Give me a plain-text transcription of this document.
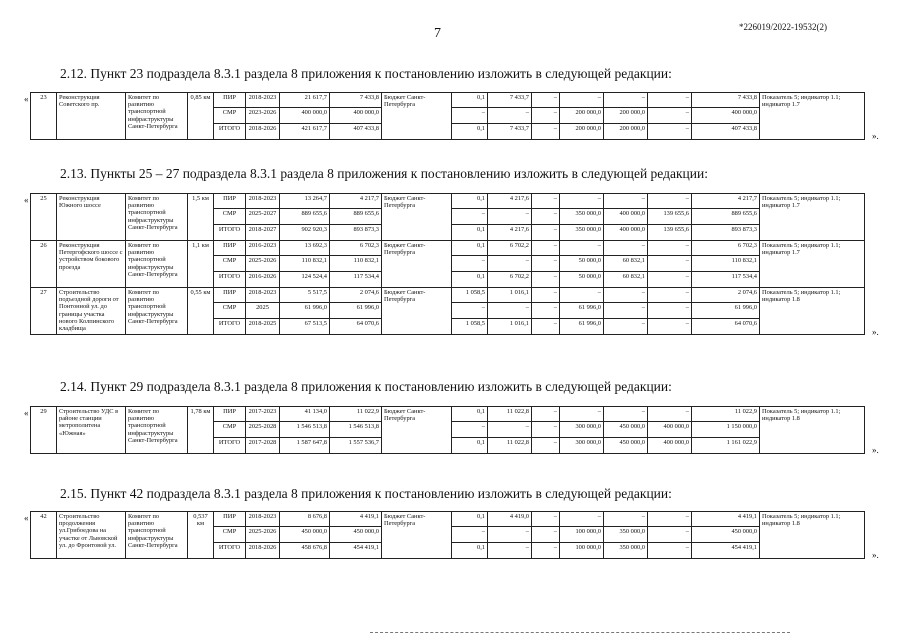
7	*226019/2022-19532(2)
2.12. Пункт 23 подраздела 8.3.1 раздела 8 приложения к постановлению изложить в следующей редакции:
« 23	Реконструкция Советского пр.	Комитет по развитию транспортной инфраструктуры Санкт-Петербурга	0,85 км	ПИР	2018-2023	21 617,7	7 433,8	Бюджет Санкт-Петербурга	0,1	7 433,7	–	–	–	–	7 433,8	Показатель 5; индикатор 1.1; индикатор 1.7
				СМР	2023-2026	400 000,0	400 000,0		–	–	–	200 000,0	200 000,0	–	400 000,0	
				ИТОГО	2018-2026	421 617,7	407 433,8		0,1	7 433,7	–	200 000,0	200 000,0	–	407 433,8	
».
2.13. Пункты 25 – 27 подраздела 8.3.1 раздела 8 приложения к постановлению изложить в следующей редакции:
« 25	Реконструкция Южного шоссе	Комитет по развитию транспортной инфраструктуры Санкт-Петербурга	1,5 км	ПИР	2018-2023	13 264,7	4 217,7	Бюджет Санкт-Петербурга	0,1	4 217,6	–	–	–	–	4 217,7	Показатель 5; индикатор 1.1; индикатор 1.7
				СМР	2025-2027	889 655,6	889 655,6		–	–	–	350 000,0	400 000,0	139 655,6	889 655,6	
				ИТОГО	2018-2027	902 920,3	893 873,3		0,1	4 217,6	–	350 000,0	400 000,0	139 655,6	893 873,3	
26	Реконструкция Петергофского шоссе с устройством бокового проезда	Комитет по развитию транспортной инфраструктуры Санкт-Петербурга	1,1 км	ПИР	2016-2023	13 692,3	6 702,3	Бюджет Санкт-Петербурга	0,1	6 702,2	–	–	–	–	6 702,3	Показатель 5; индикатор 1.1; индикатор 1.7
				СМР	2025-2026	110 832,1	110 832,1		–	–	–	50 000,0	60 832,1	–	110 832,1	
				ИТОГО	2016-2026	124 524,4	117 534,4		0,1	6 702,2	–	50 000,0	60 832,1	–	117 534,4	
27	Строительство подъездной дороги от Понтонной ул. до границы участка нового Колпинского кладбища	Комитет по развитию транспортной инфраструктуры Санкт-Петербурга	0,55 км	ПИР	2018-2023	5 517,5	2 074,6	Бюджет Санкт-Петербурга	1 058,5	1 016,1	–	–	–	–	2 074,6	Показатель 5; индикатор 1.1; индикатор 1.8
				СМР	2025	61 996,0	61 996,0		–	–	–	61 996,0	–	–	61 996,0	
				ИТОГО	2018-2025	67 513,5	64 070,6		1 058,5	1 016,1	–	61 996,0	–	–	64 070,6	
».
2.14. Пункт 29 подраздела 8.3.1 раздела 8 приложения к постановлению изложить в следующей редакции:
« 29	Строительство УДС в районе станции метрополитена «Южная»	Комитет по развитию транспортной инфраструктуры Санкт-Петербурга	1,78 км	ПИР	2017-2023	41 134,0	11 022,9	Бюджет Санкт-Петербурга	0,1	11 022,8	–	–	–	–	11 022,9	Показатель 5; индикатор 1.1; индикатор 1.8
				СМР	2025-2028	1 546 513,8	1 546 513,8		–	–	–	300 000,0	450 000,0	400 000,0	1 150 000,0	
				ИТОГО	2017-2028	1 587 647,8	1 557 536,7		0,1	11 022,8	–	300 000,0	450 000,0	400 000,0	1 161 022,9	
».
2.15. Пункт 42 подраздела 8.3.1 раздела 8 приложения к постановлению изложить в следующей редакции:
« 42	Строительство продолжения ул.Грибоедова на участке от Львовской ул. до Фронтовой ул.	Комитет по развитию транспортной инфраструктуры Санкт-Петербурга	0,537 км	ПИР	2018-2023	8 676,8	4 419,1	Бюджет Санкт-Петербурга	0,1	4 419,0	–	–	–	–	4 419,1	Показатель 5; индикатор 1.1; индикатор 1.8
				СМР	2025-2026	450 000,0	450 000,0		–	–	–	100 000,0	350 000,0	–	450 000,0	
				ИТОГО	2018-2026	458 676,8	454 419,1		0,1	–	–	100 000,0	350 000,0	–	454 419,1	
».
